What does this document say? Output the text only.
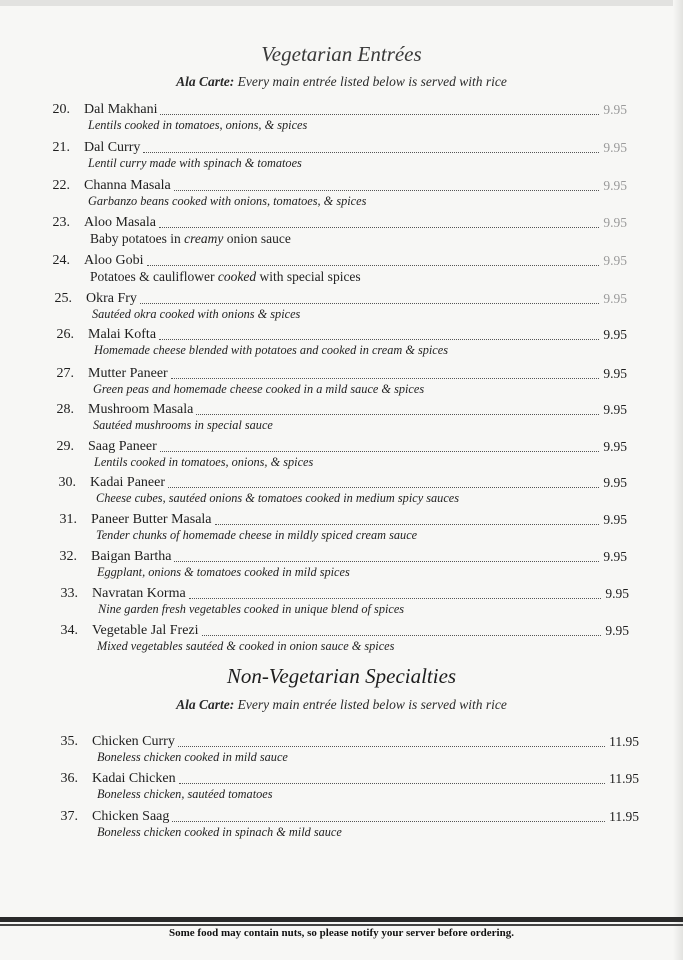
Vegetarian Entrées
Ala Carte: Every main entrée listed below is served with rice
20. Dal Makhani	9.95
Lentils cooked in tomatoes, onions, & spices
21. Dal Curry	9.95
Lentil curry made with spinach & tomatoes
22. Channa Masala	9.95
Garbanzo beans cooked with onions, tomatoes, & spices
23. Aloo Masala	9.95
Baby potatoes in creamy onion sauce
24. Aloo Gobi	9.95
Potatoes & cauliflower cooked with special spices
25. Okra Fry	9.95
Sautéed okra cooked with onions & spices
26. Malai Kofta	9.95
Homemade cheese blended with potatoes and cooked in cream & spices
27. Mutter Paneer	9.95
Green peas and homemade cheese cooked in a mild sauce & spices
28. Mushroom Masala	9.95
Sautéed mushrooms in special sauce
29. Saag Paneer	9.95
Lentils cooked in tomatoes, onions, & spices
30. Kadai Paneer	9.95
Cheese cubes, sautéed onions & tomatoes cooked in medium spicy sauces
31. Paneer Butter Masala	9.95
Tender chunks of homemade cheese in mildly spiced cream sauce
32. Baigan Bartha	9.95
Eggplant, onions & tomatoes cooked in mild spices
33. Navratan Korma	9.95
Nine garden fresh vegetables cooked in unique blend of spices
34. Vegetable Jal Frezi	9.95
Mixed vegetables sautéed & cooked in onion sauce & spices
Non-Vegetarian Specialties
Ala Carte: Every main entrée listed below is served with rice
35. Chicken Curry	11.95
Boneless chicken cooked in mild sauce
36. Kadai Chicken	11.95
Boneless chicken, sautéed tomatoes
37. Chicken Saag	11.95
Boneless chicken cooked in spinach & mild sauce
Some food may contain nuts, so please notify your server before ordering.
